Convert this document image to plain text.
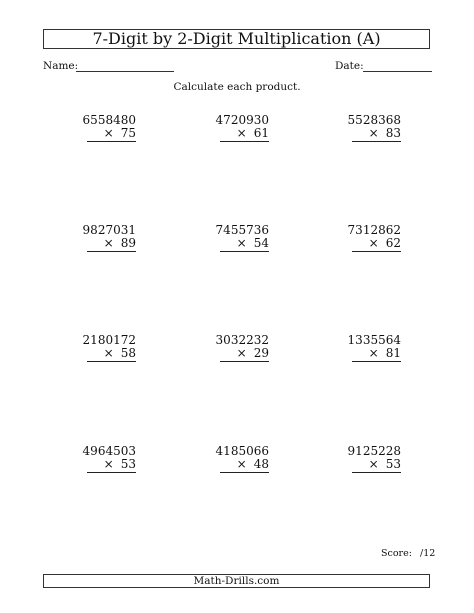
7-Digit by 2-Digit Multiplication (A)
Name:	Date:
Calculate each product.
6558480
× 75
4720930
× 61
5528368
× 83
9827031
× 89
7455736
× 54
7312862
× 62
2180172
× 58
3032232
× 29
1335564
× 81
4964503
× 53
4185066
× 48
9125228
× 53
Score: /12
Math-Drills.com
